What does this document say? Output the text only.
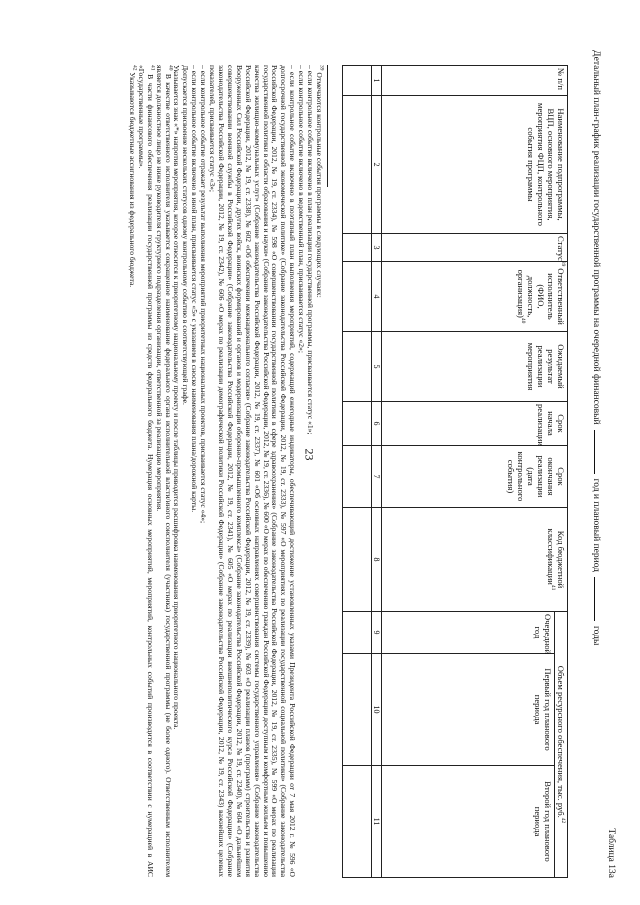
23
Таблица 13а
Детальный план-график реализации государственной программы на очередной финансовыйгод и плановый периодгоды
№ п/п	Наименование подпрограммы, ВЦП, основного мероприятия, мероприятия ФЦП, контрольного события программы	Статус$^{39}$	Ответственный исполнитель (ФИО, должность, организация)$^{40}$	Ожидаемый результат реализации мероприятия	Срок начала реализации	Срок окончания реализации (дата контрольного события)	Код бюджетной классификации$^{41}$	Объем ресурсного обеспечения, тыс. руб.$^{42}$
								Очередной год	Первый год планового периода	Второй год планового периода
1	2	3	4	5	6	7	8	9	10	11

$^{39}$ Отмечаются контрольные события программы в следующих случаях:

– если контрольное событие включено в план реализации государственной программы, присваивается статус «1»;

– если контрольное событие включено в ведомственный план, присваивается статус «2»;

– если контрольное событие включено в поэтапный план выполнения мероприятий, содержащий ежегодные индикаторы, обеспечивающий достижение установленных указами Президента Российской Федерации от 7 мая 2012 г. № 596 «О долгосрочной государственной экономической политике» (Собрание законодательства Российской Федерации, 2012, № 19, ст. 2333), № 597 «О мероприятиях по реализации государственной социальной политики» (Собрание законодательства Российской Федерации, 2012, № 19, ст. 2334), № 598 «О совершенствовании государственной политики в сфере здравоохранения» (Собрание законодательства Российской Федерации, 2012, № 19, ст. 2335), № 599 «О мерах по реализации государственной политики в области образования и науки» (Собрание законодательства Российской Федерации, 2012, № 19, ст. 2336), № 600 «О мерах по обеспечению граждан Российской Федерации доступным и комфортным жильем и повышению качества жилищно-коммунальных услуг» (Собрание законодательства Российской Федерации, 2012, № 19, ст. 2337), № 601 «Об основных направлениях совершенствования системы государственного управления» (Собрание законодательства Российской Федерации, 2012, № 19, ст. 2338), № 602 «Об обеспечении межнационального согласия» (Собрание законодательства Российской Федерации, 2012, № 19, ст. 2339), № 603 «О реализации планов (программ) строительства и развития Вооруженных Сил Российской Федерации, других войск, воинских формирований и органов и модернизации оборонно-промышленного комплекса» (Собрание законодательства Российской Федерации, 2012, № 19, ст. 2340), № 604 «О дальнейшем совершенствовании военной службы в Российской Федерации» (Собрание законодательства Российской Федерации, 2012, № 19, ст. 2341), № 605 «О мерах по реализации внешнеполитического курса Российской Федерации» (Собрание законодательства Российской Федерации, 2012, № 19, ст. 2342), № 606 «О мерах по реализации демографической политики Российской Федерации» (Собрание законодательства Российской Федерации, 2012, № 19, ст. 2343) важнейших целевых показателей, присваивается статус «3»;

– если контрольное событие отражает результат выполнения мероприятий приоритетных национальных проектов, присваивается статус «4»;

– если контрольное событие включено в иной план, присваивается статус «5» с указанием в сноске наименования плана/дорожной карты.

Допускается присвоение нескольких статусов одному контрольному событию в соответствующей графе.

Указывается знак «*» напротив мероприятия, которое относится к приоритетному национальному проекту и после таблицы приводится расшифровка наименования приоритетного национального проекта.

$^{40}$ В качестве ответственного исполнителя указывается сокращенное наименование федерального органа исполнительной власти/иного соисполнителя (участника) государственной программы (не более одного). Ответственным исполнителем является должностное лицо не ниже руководителя структурного подразделения организации, ответственной за реализацию мероприятия.

$^{41}$ В части финансового обеспечения реализации государственной программы из средств федерального бюджета. Нумерация основных мероприятий, мероприятий, контрольных событий производится в соответствии с нумерацией в АИС «Государственные программы».

$^{42}$ Указываются бюджетные ассигнования из федерального бюджета.
